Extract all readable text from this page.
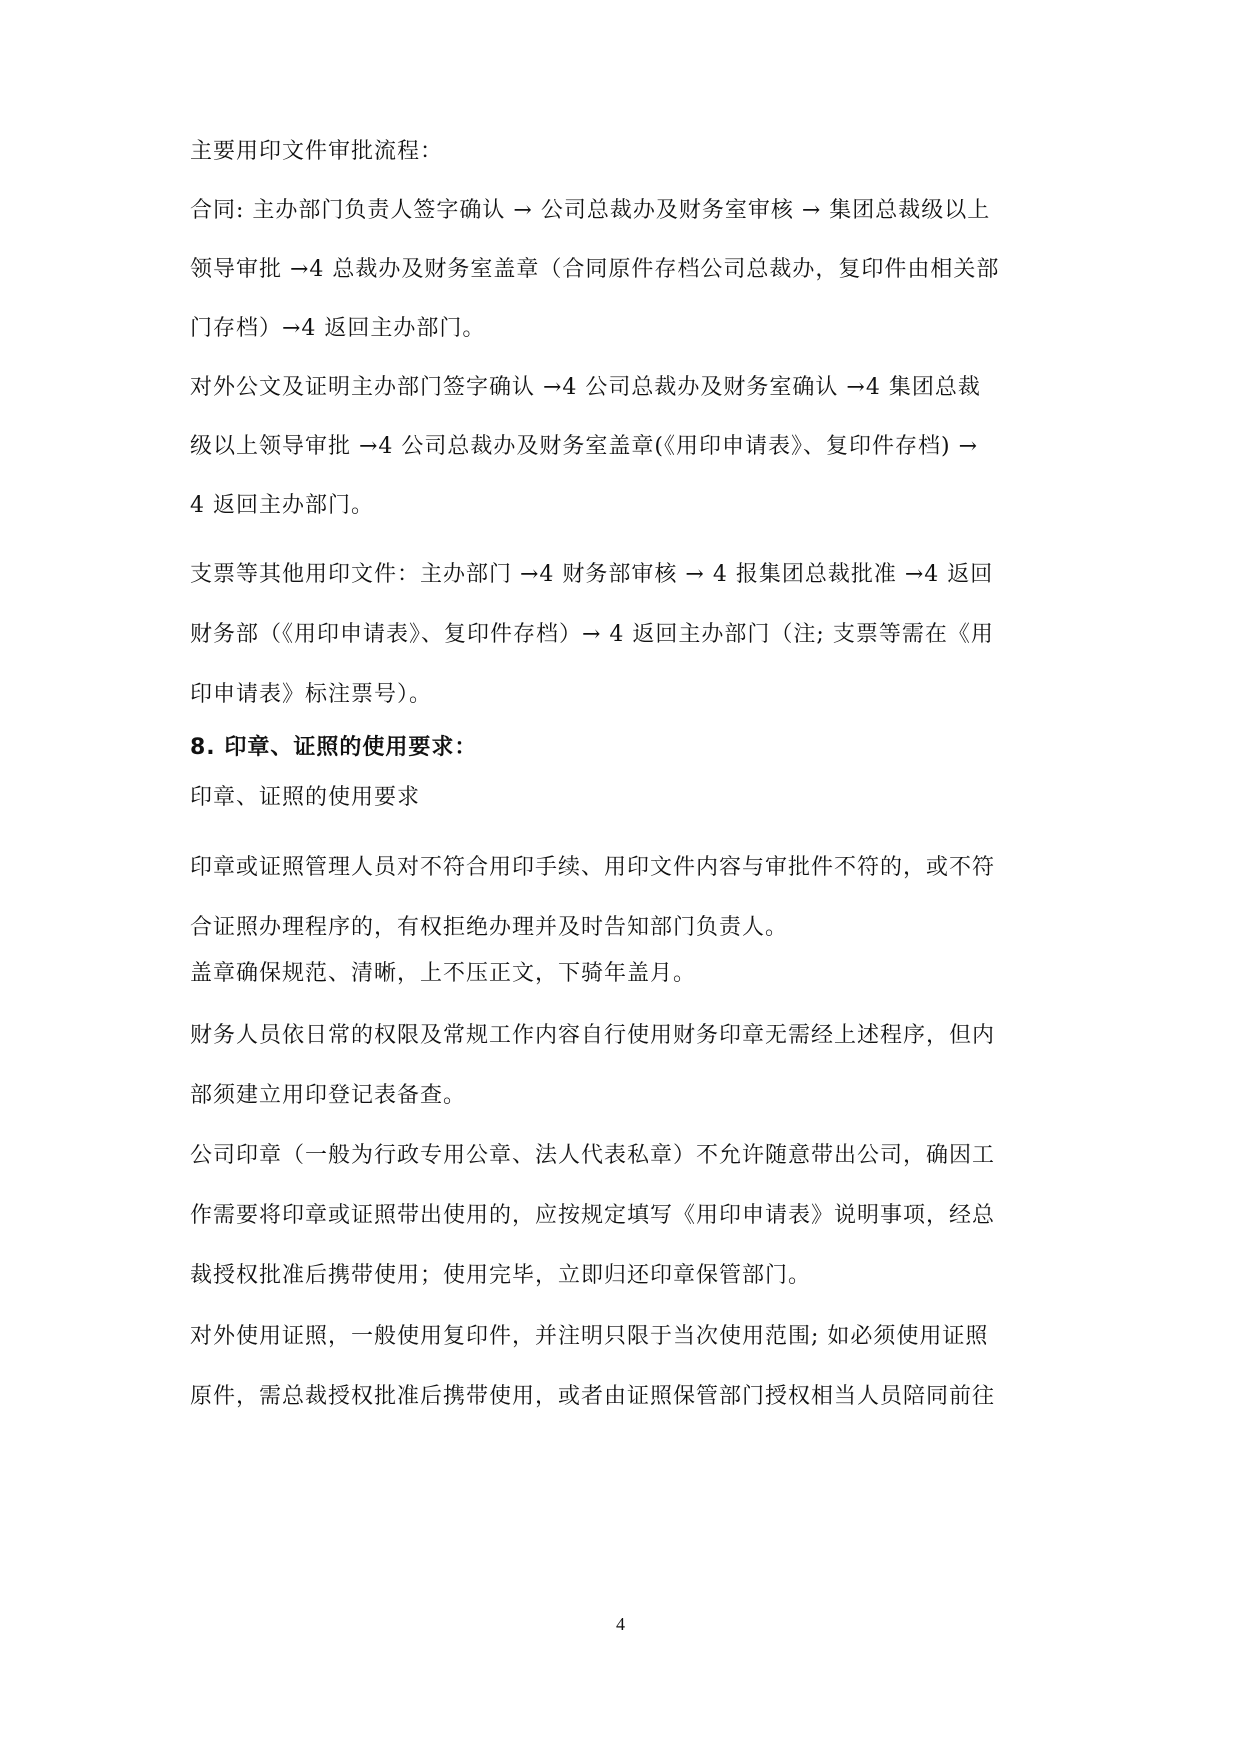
主要用印文件审批流程：
合同: 主办部门负责人签字确认 → 公司总裁办及财务室审核 → 集团总裁级以上
领导审批 →4 总裁办及财务室盖章（合同原件存档公司总裁办，复印件由相关部
门存档）→4 返回主办部门。
对外公文及证明主办部门签字确认 →4 公司总裁办及财务室确认 →4 集团总裁
级以上领导审批 →4 公司总裁办及财务室盖章(《用印申请表》、复印件存档) →
4 返回主办部门。
支票等其他用印文件：主办部门 →4 财务部审核 → 4 报集团总裁批准 →4 返回
财务部（《用印申请表》、复印件存档）→ 4 返回主办部门（注; 支票等需在《用
印申请表》标注票号）。
8. 印章、证照的使用要求：
印章、证照的使用要求
印章或证照管理人员对不符合用印手续、用印文件内容与审批件不符的，或不符
合证照办理程序的，有权拒绝办理并及时告知部门负责人。
盖章确保规范、清晰，上不压正文，下骑年盖月。
财务人员依日常的权限及常规工作内容自行使用财务印章无需经上述程序，但内
部须建立用印登记表备查。
公司印章（一般为行政专用公章、法人代表私章）不允许随意带出公司，确因工
作需要将印章或证照带出使用的，应按规定填写《用印申请表》说明事项，经总
裁授权批准后携带使用；使用完毕，立即归还印章保管部门。
对外使用证照，一般使用复印件，并注明只限于当次使用范围; 如必须使用证照
原件，需总裁授权批准后携带使用，或者由证照保管部门授权相当人员陪同前往
4
